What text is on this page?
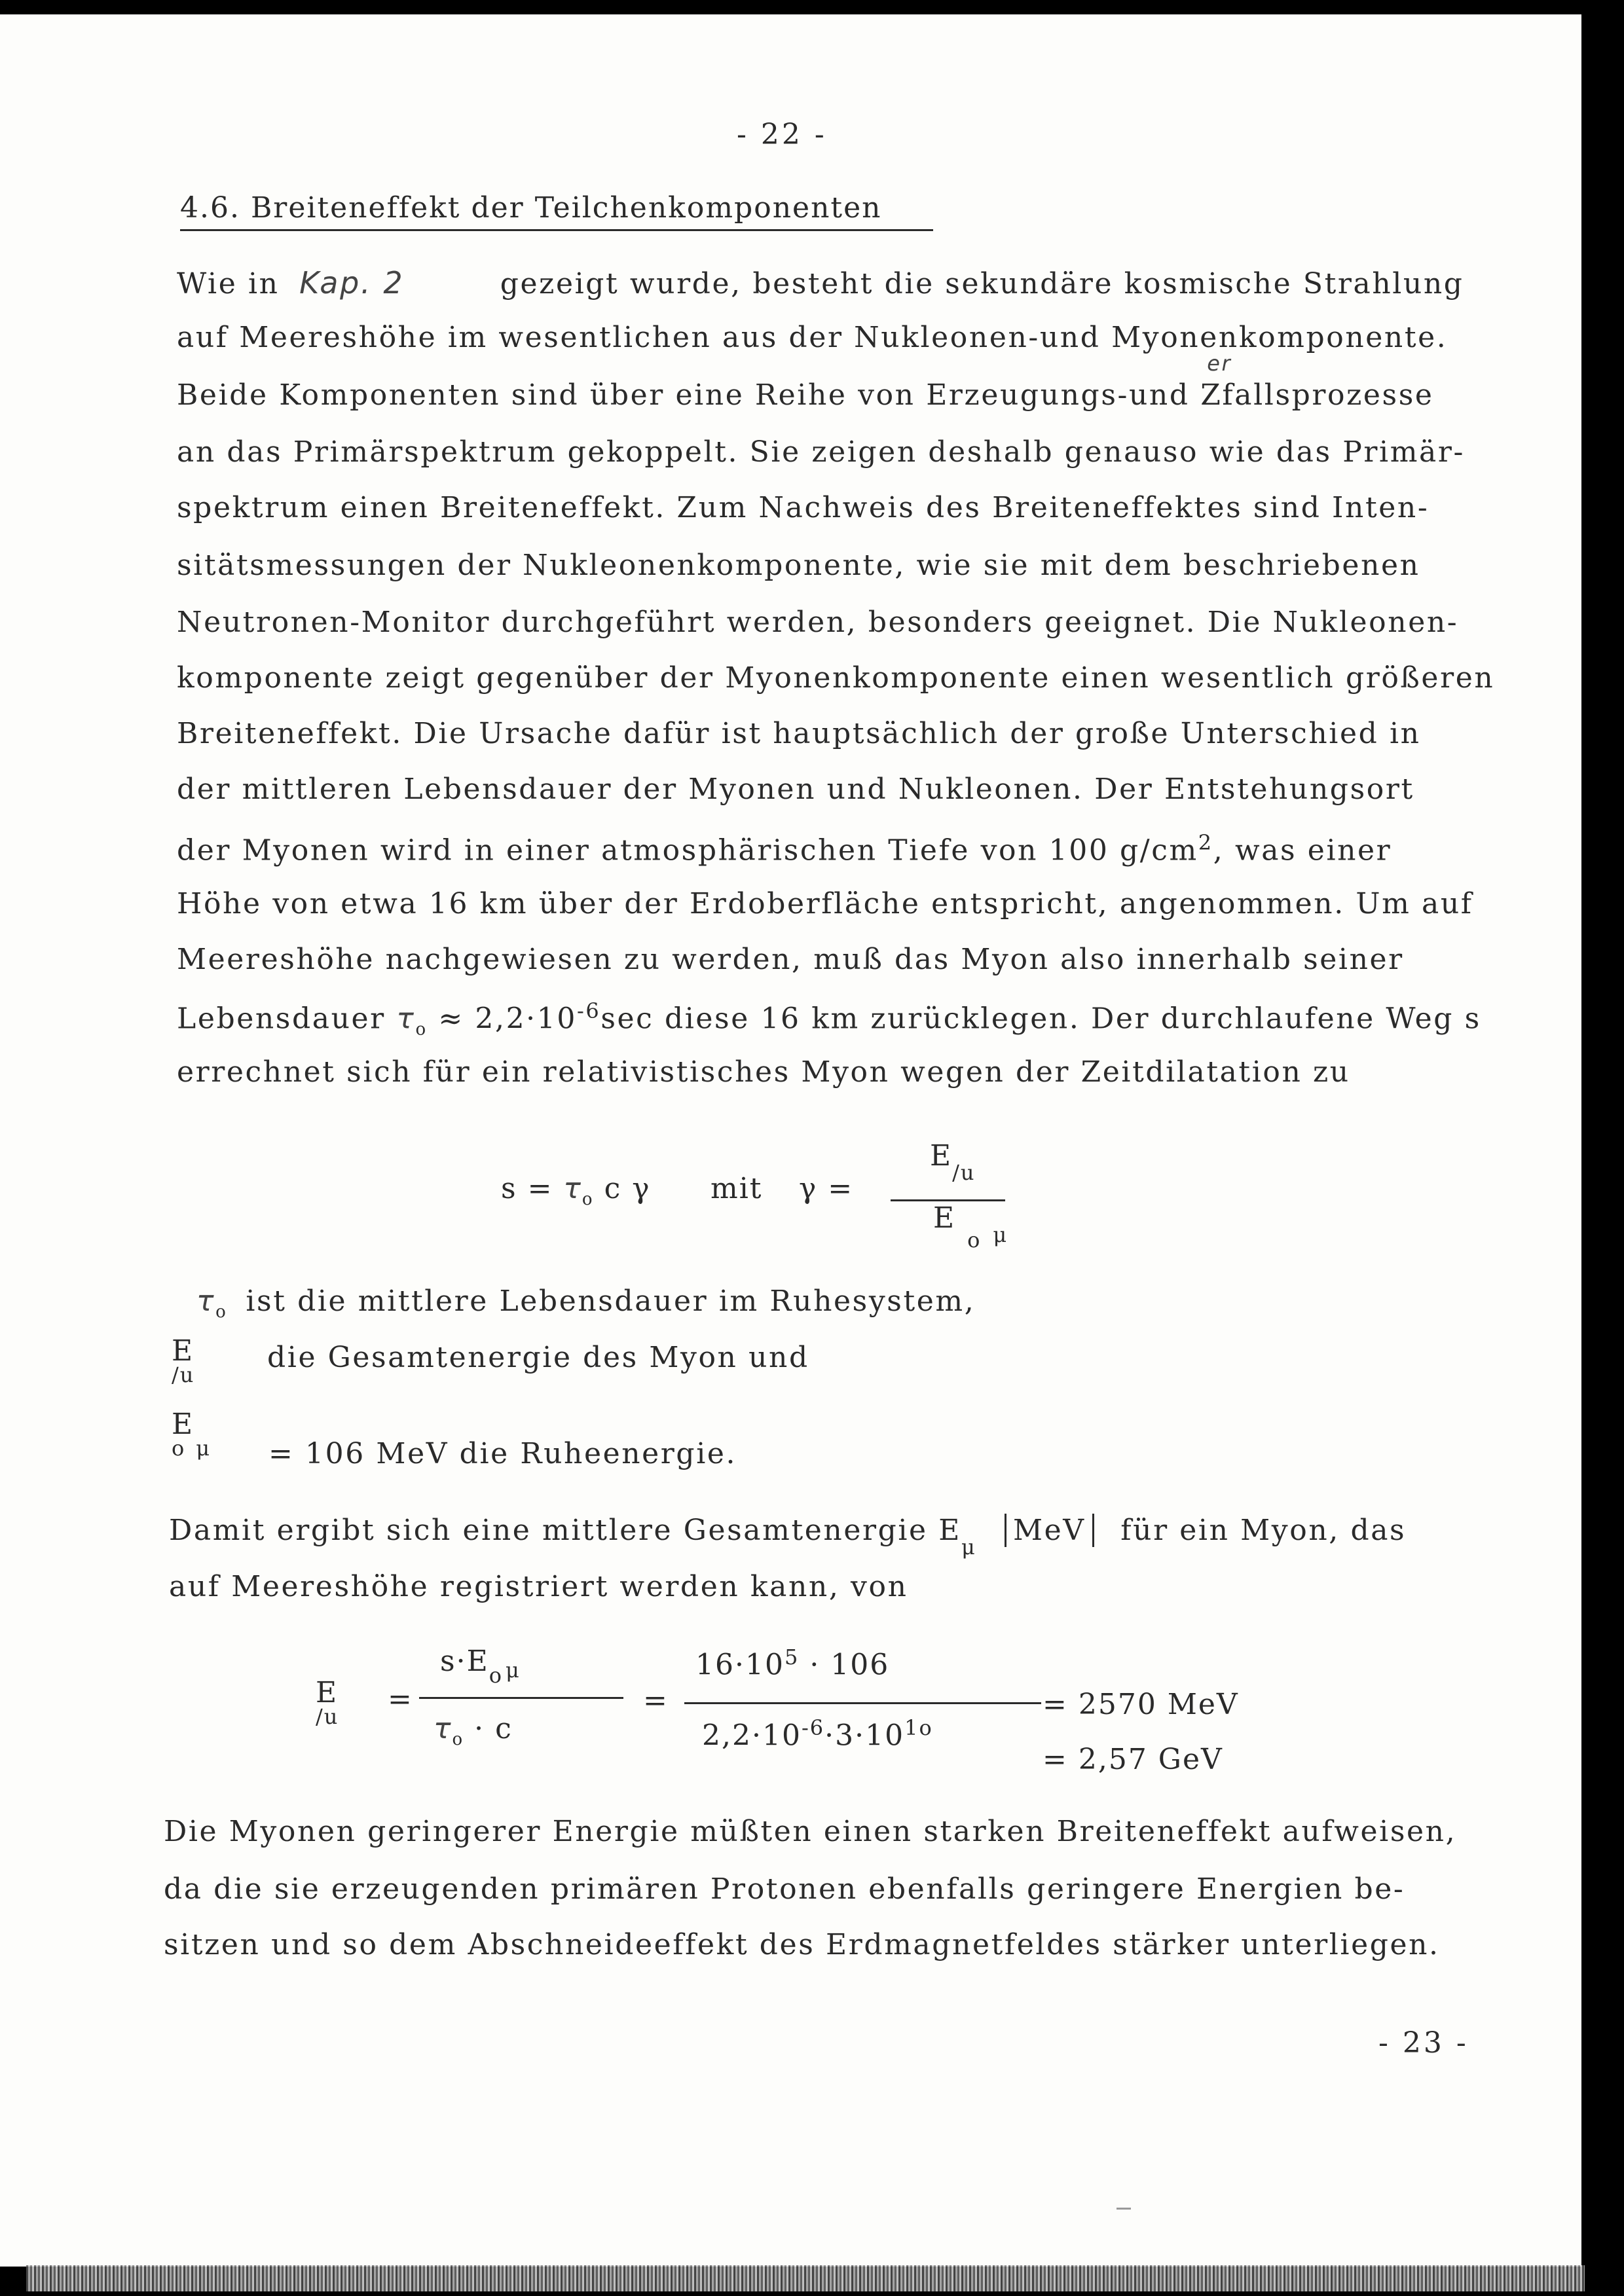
- 22 -
4.6. Breiteneffekt der Teilchenkomponenten
Wie in Kap. 2	gezeigt wurde, besteht die sekundäre kosmische Strahlung
auf Meereshöhe im wesentlichen aus der Nukleonen-und Myonenkomponente.
Beide Komponenten sind über eine Reihe von Erzeugungs-und Z
er
fallsprozesse
an das Primärspektrum gekoppelt. Sie zeigen deshalb genauso wie das Primär-
spektrum einen Breiteneffekt. Zum Nachweis des Breiteneffektes sind Inten-
sitätsmessungen der Nukleonenkomponente, wie sie mit dem beschriebenen
Neutronen-Monitor durchgeführt werden, besonders geeignet. Die Nukleonen-
komponente zeigt gegenüber der Myonenkomponente einen wesentlich größeren
Breiteneffekt. Die Ursache dafür ist hauptsächlich der große Unterschied in
der mittleren Lebensdauer der Myonen und Nukleonen. Der Entstehungsort
der Myonen wird in einer atmosphärischen Tiefe von 100 $g/cm^2$, was einer
Höhe von etwa 16 km über der Erdoberfläche entspricht, angenommen. Um auf
Meereshöhe nachgewiesen zu werden, muß das Myon also innerhalb seiner
Lebensdauer $\tau_o \approx 2,2\cdot 10^{-6}\sec$ diese 16 km zurücklegen. Der durchlaufene Weg s
errechnet sich für ein relativistisches Myon wegen der Zeitdilatation zu
$s = \tau_o$ c γ mit γ =
$E_{/u}$
$E_o$ $_\mu$
$\tau_o$ ist die mittlere Lebensdauer im Ruhesystem,
E
$^{/u}$
die Gesamtenergie des Myon und
E
$^o$ $^\mu$ = 106 MeV die Ruheenergie.
Damit ergibt sich eine mittlere Gesamtenergie $E_\mu$ MeV für ein Myon, das
auf Meereshöhe registriert werden kann, von
E
$^{/u}$
=
$s\cdot E_o$ $_\mu$
$\tau_o \cdot c$
=
$16\cdot 10^5 \cdot 106$
$2,2\cdot 10^{-6}\cdot 3\cdot 10^{1o}$
= 2570 MeV
= 2,57 GeV
Die Myonen geringerer Energie müßten einen starken Breiteneffekt aufweisen,
da die sie erzeugenden primären Protonen ebenfalls geringere Energien be-
sitzen und so dem Abschneideeffekt des Erdmagnetfeldes stärker unterliegen.
- 23 -
